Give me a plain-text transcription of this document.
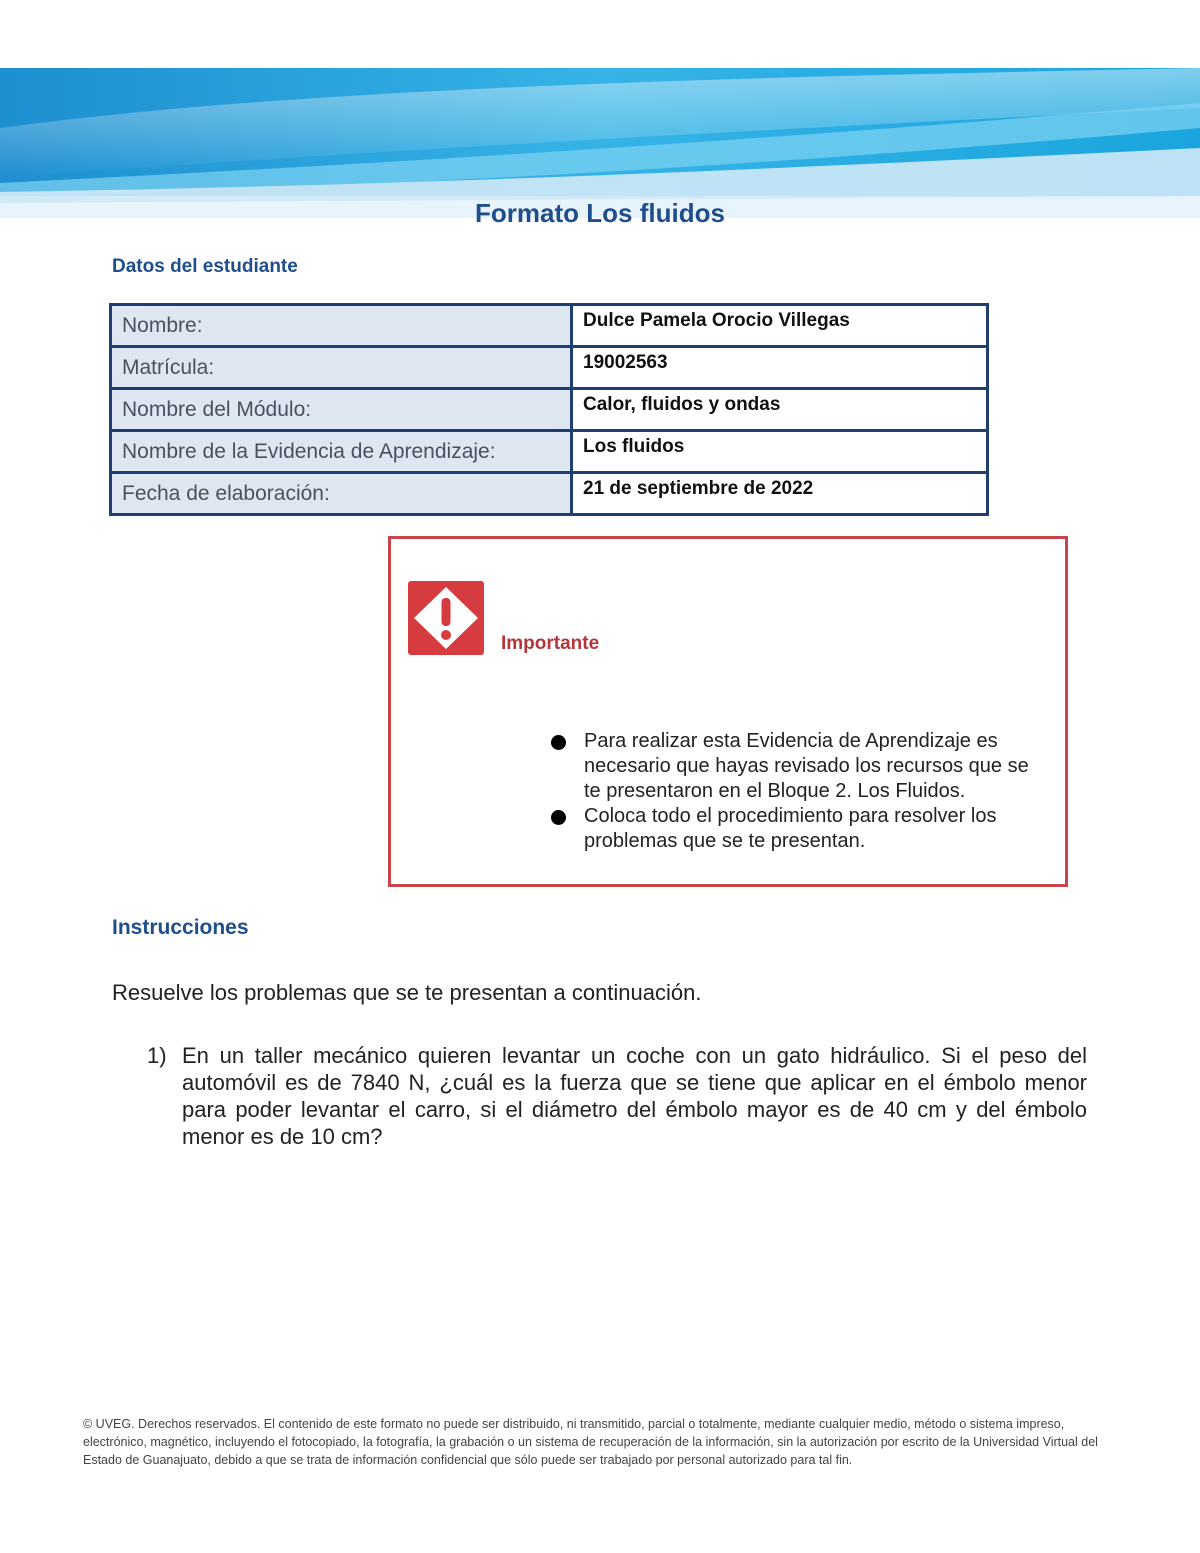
Formato Los fluidos
Datos del estudiante
Nombre:	Dulce Pamela Orocio Villegas
Matrícula:	19002563
Nombre del Módulo:	Calor, fluidos y ondas
Nombre de la Evidencia de Aprendizaje:	Los fluidos
Fecha de elaboración:	21 de septiembre de 2022
Importante
Para realizar esta Evidencia de Aprendizaje es necesario que hayas revisado los recursos que se te presentaron en el Bloque 2. Los Fluidos.
Coloca todo el procedimiento para resolver los problemas que se te presentan.
Instrucciones
Resuelve los problemas que se te presentan a continuación.
1) En un taller mecánico quieren levantar un coche con un gato hidráulico. Si el peso del automóvil es de 7840 N, ¿cuál es la fuerza que se tiene que aplicar en el émbolo menor para poder levantar el carro, si el diámetro del émbolo mayor es de 40 cm y del émbolo menor es de 10 cm?
© UVEG. Derechos reservados. El contenido de este formato no puede ser distribuido, ni transmitido, parcial o totalmente, mediante cualquier medio, método o sistema impreso, electrónico, magnético, incluyendo el fotocopiado, la fotografía, la grabación o un sistema de recuperación de la información, sin la autorización por escrito de la Universidad Virtual del Estado de Guanajuato, debido a que se trata de información confidencial que sólo puede ser trabajado por personal autorizado para tal fin.
